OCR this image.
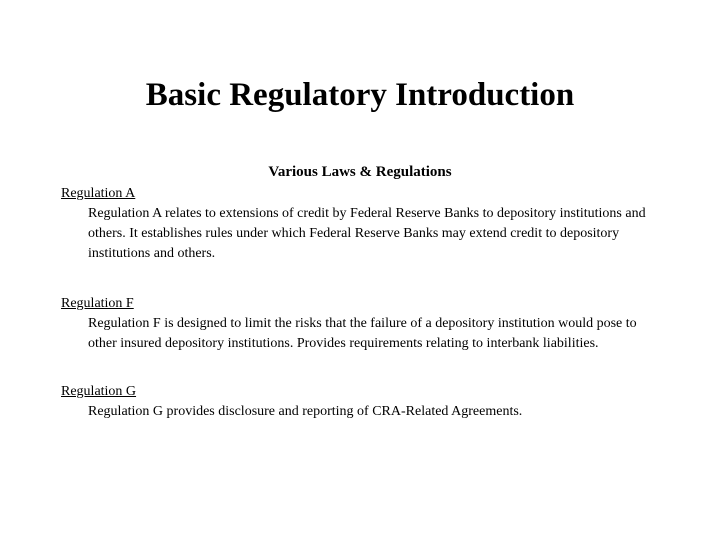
Basic Regulatory Introduction
Various Laws & Regulations
Regulation A
Regulation A relates to extensions of credit by Federal Reserve Banks to depository institutions and others. It establishes rules under which Federal Reserve Banks may extend credit to depository institutions and others.
Regulation F
Regulation F is designed to limit the risks that the failure of a depository institution would pose to other insured depository institutions. Provides requirements relating to interbank liabilities.
Regulation G
Regulation G provides disclosure and reporting of CRA-Related Agreements.
